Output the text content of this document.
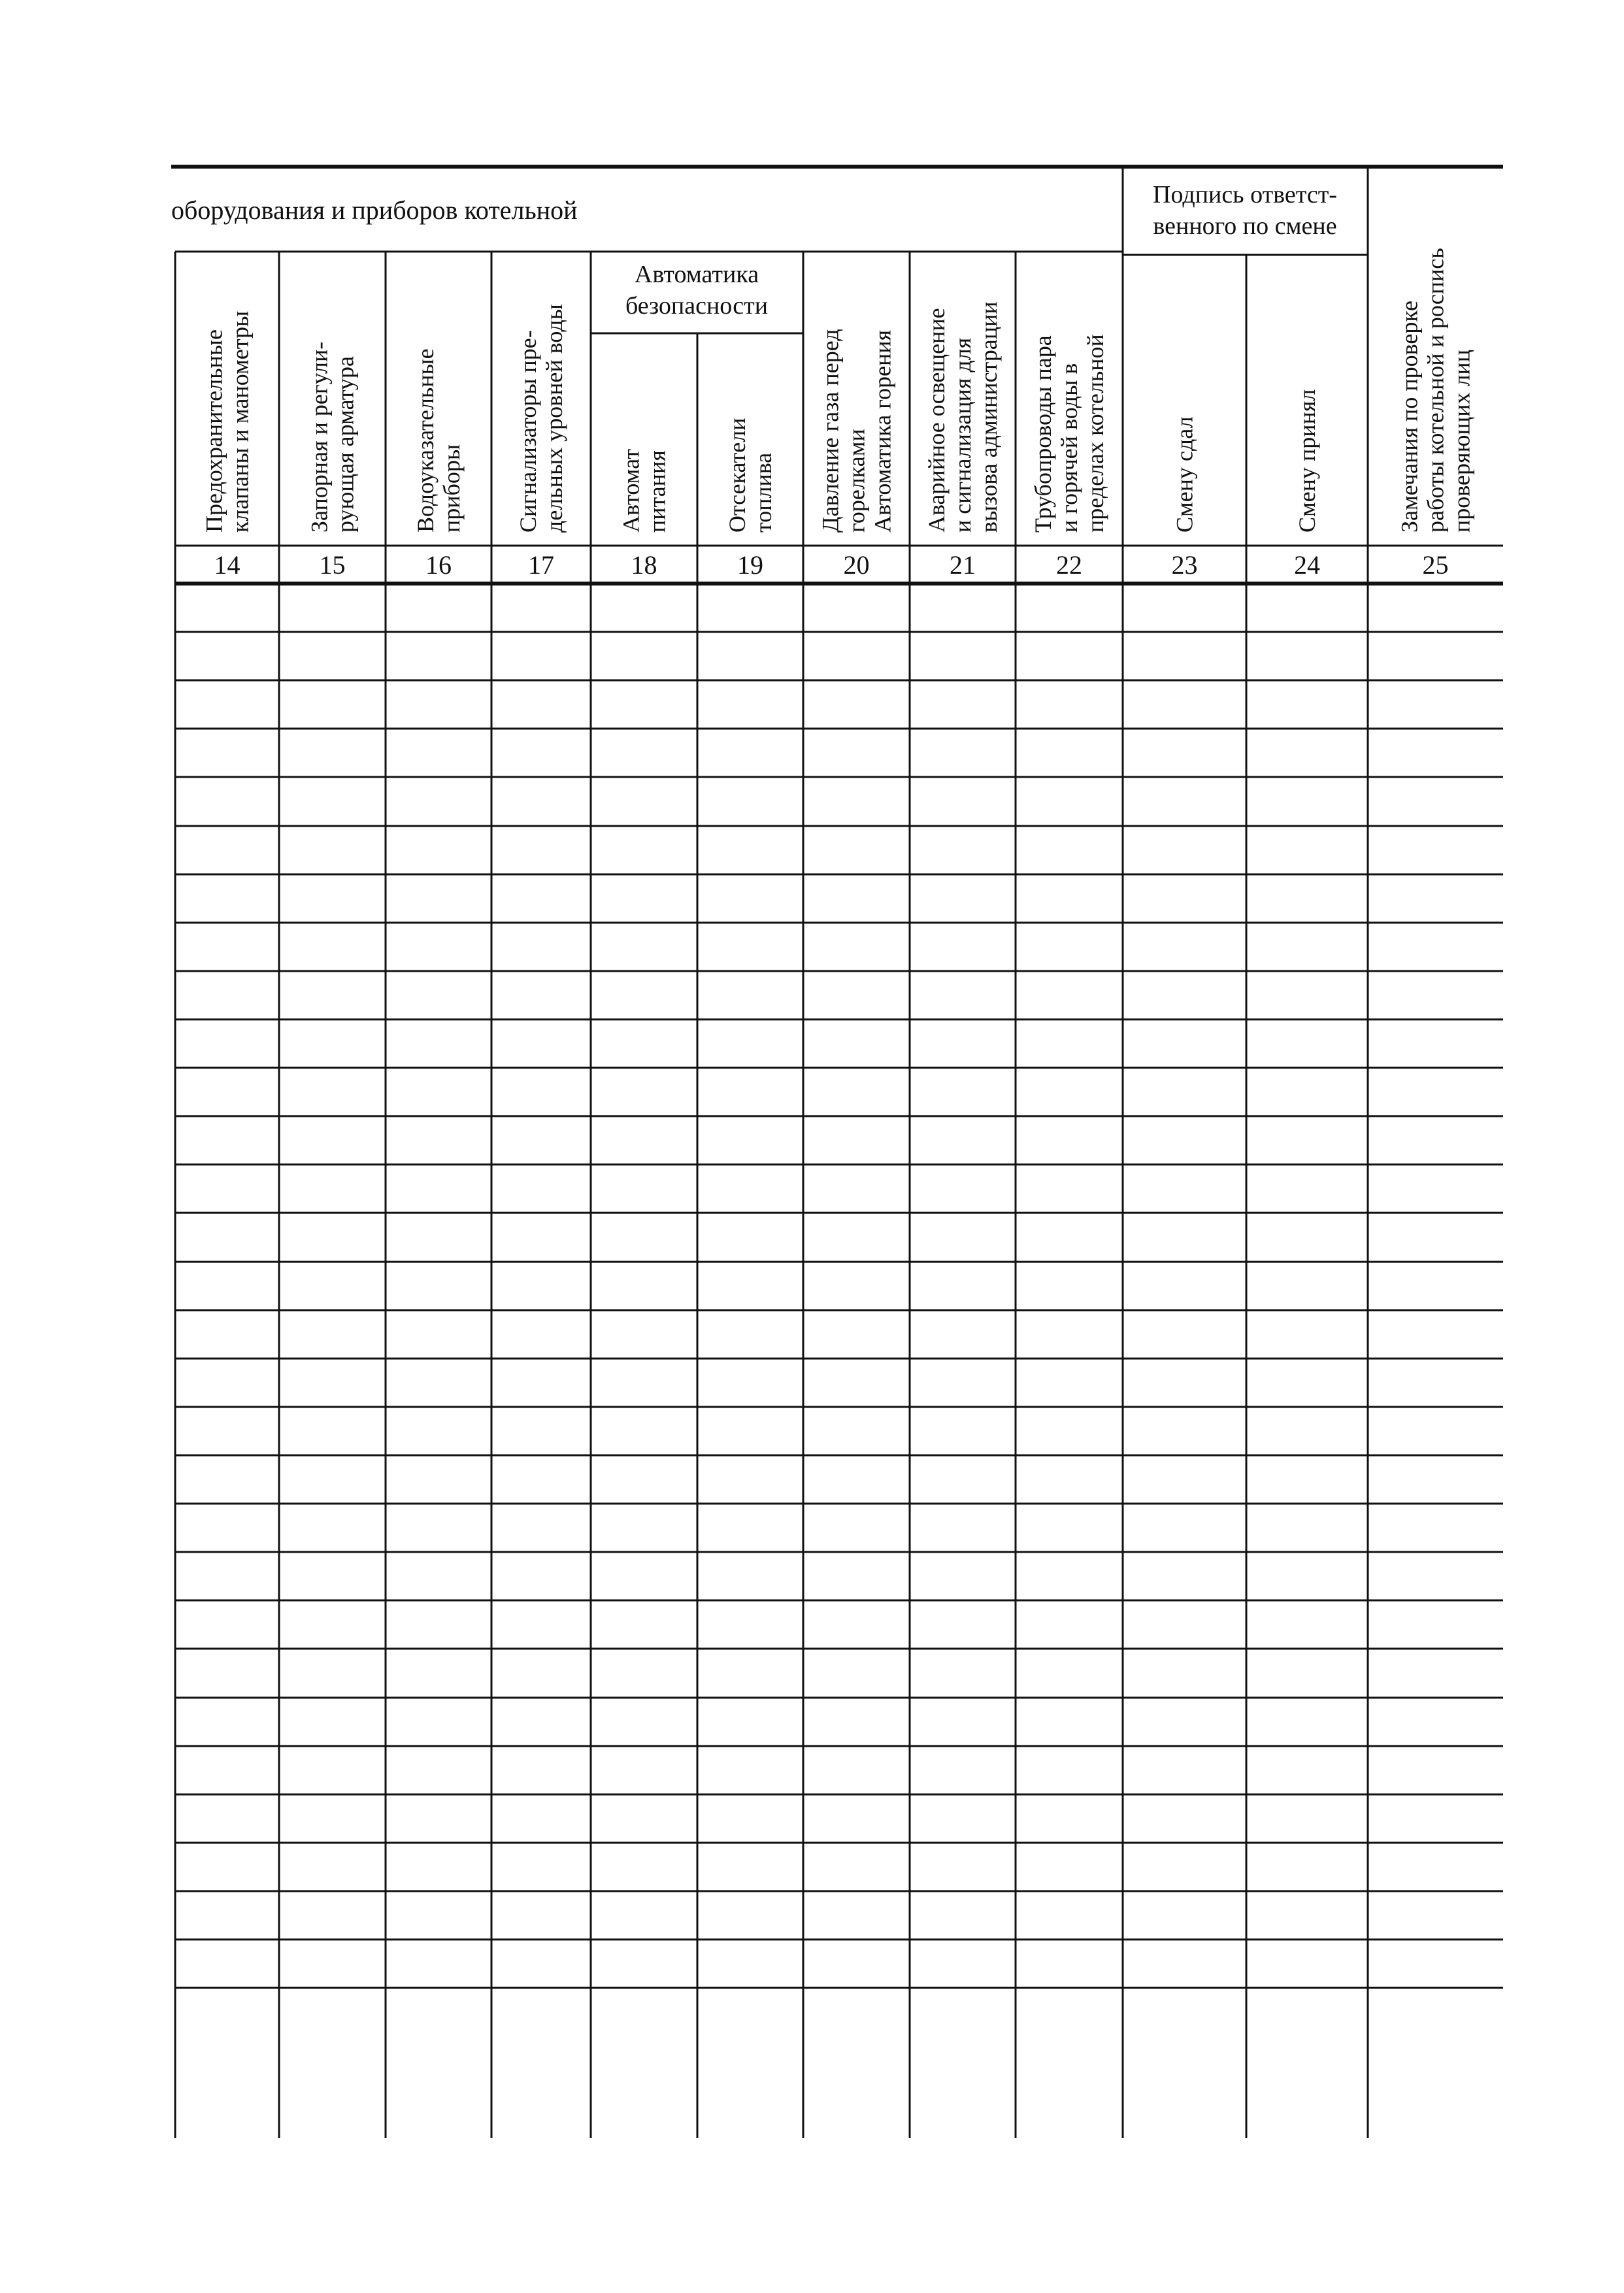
Предохранительные клапаны и манометры
14
Запорная и регули- рующая арматура
15
Водоуказательные приборы
16
Сигнализаторы пре- дельных уровней воды
17
Автомат питания
18
Отсекатели топлива
19
Давление газа перед горелками Автоматика горения
20
Аварийное освещение и сигнализация для вызова администрации
21
Трубопроводы пара и горячей воды в пределах котельной
22
Смену сдал
23
Смену принял
24
Замечания по проверке работы котельной и роспись проверяющих лиц
25
оборудования и приборов котельной
Подпись ответст-
венного по смене
Автоматика
безопасности
